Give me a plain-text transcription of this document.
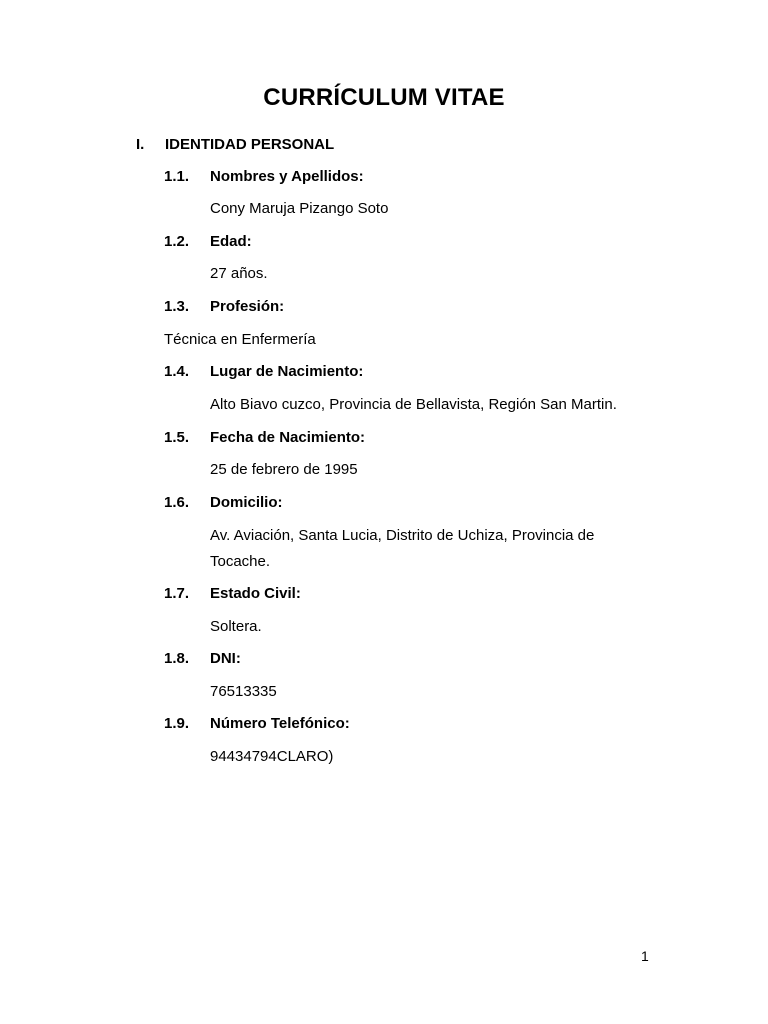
CURRÍCULUM VITAE
I. IDENTIDAD PERSONAL
1.1. Nombres y Apellidos:
Cony Maruja Pizango Soto
1.2. Edad:
27 años.
1.3. Profesión:
Técnica en Enfermería
1.4. Lugar de Nacimiento:
Alto Biavo cuzco, Provincia de Bellavista, Región San Martin.
1.5. Fecha de Nacimiento:
25 de febrero de 1995
1.6. Domicilio:
Av. Aviación, Santa Lucia, Distrito de Uchiza, Provincia de Tocache.
1.7. Estado Civil:
Soltera.
1.8. DNI:
76513335
1.9. Número Telefónico:
94434794CLARO)
1
